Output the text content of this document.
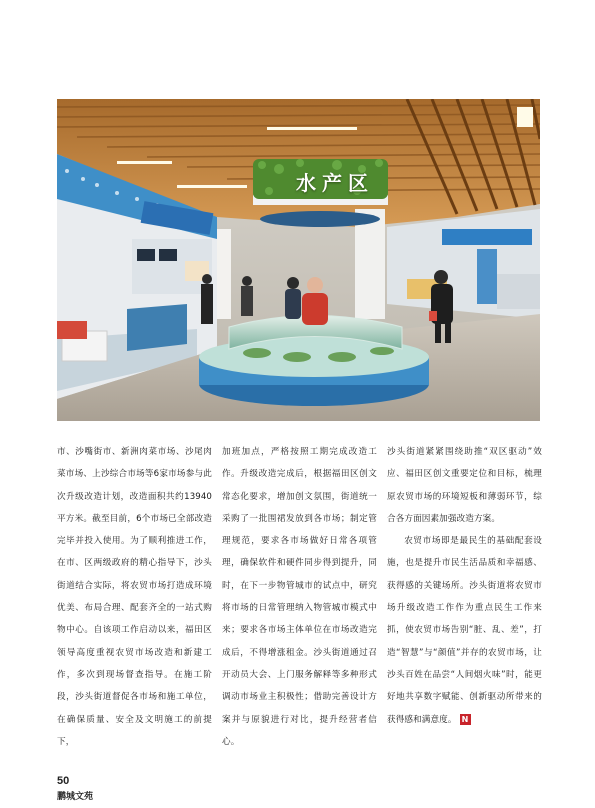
水产区

市、沙嘴街市、新洲肉菜市场、沙尾肉菜市场、上沙综合市场等6家市场参与此次升级改造计划，改造面积共约13940平方米。截至目前，6个市场已全部改造完毕并投入使用。为了顺利推进工作，在市、区两级政府的精心指导下，沙头街道结合实际，将农贸市场打造成环境优美、布局合理、配套齐全的一站式购物中心。自该项工作启动以来，福田区领导高度重视农贸市场改造和新建工作，多次到现场督查指导。在施工阶段，沙头街道督促各市场和施工单位，在确保质量、安全及文明施工的前提下，

加班加点，严格按照工期完成改造工作。升级改造完成后，根据福田区创文常态化要求，增加创文氛围，街道统一采购了一批围裙发放到各市场；制定管理规范，要求各市场做好日常各项管理，确保软件和硬件同步得到提升，同时，在下一步物管城市的试点中，研究将市场的日常管理纳入物管城市模式中来；要求各市场主体单位在市场改造完成后，不得增涨租金。沙头街道通过召开动员大会、上门服务解释等多种形式调动市场业主积极性；借助完善设计方案并与原貌进行对比，提升经营者信心。

沙头街道紧紧围绕助推“双区驱动”效应、福田区创文重要定位和目标，梳理原农贸市场的环境短板和薄弱环节，综合各方面因素加强改造方案。

农贸市场即是最民生的基础配套设施，也是提升市民生活品质和幸福感、获得感的关键场所。沙头街道将农贸市场升级改造工作作为重点民生工作来抓，使农贸市场告别“脏、乱、差”，打造“智慧”与“颜值”并存的农贸市场，让沙头百姓在品尝“人间烟火味”时，能更好地共享数字赋能、创新驱动所带来的获得感和满意度。 N

50
鹏城文苑
